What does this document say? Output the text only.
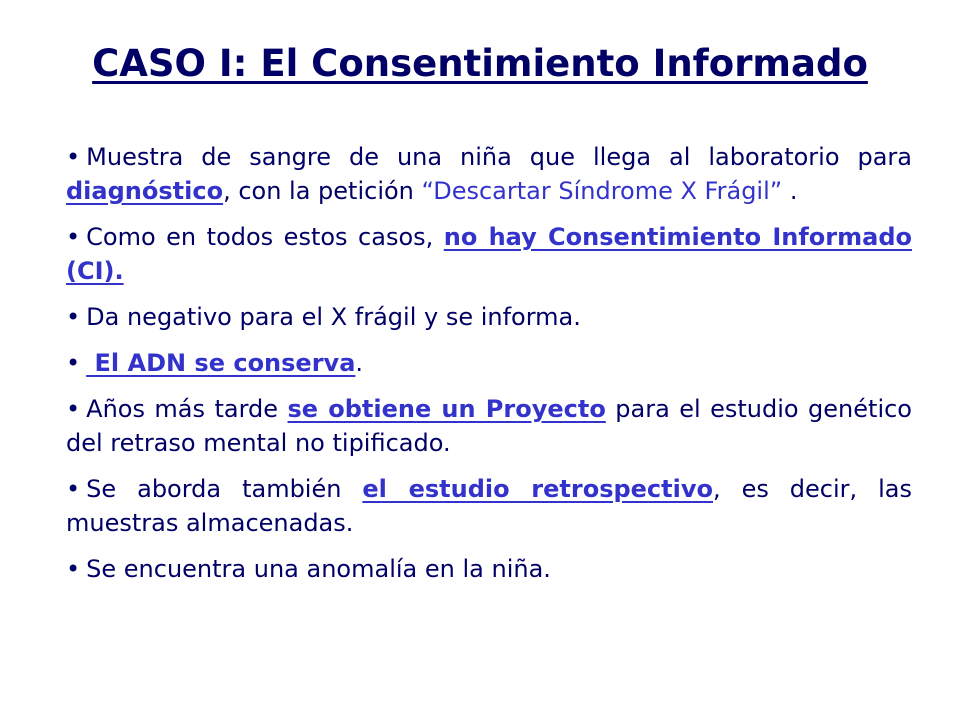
CASO I: El Consentimiento Informado
• Muestra de sangre de una niña que llega al laboratorio para diagnóstico, con la petición “Descartar Síndrome X Frágil” .
• Como en todos estos casos, no hay Consentimiento Informado (CI).
• Da negativo para el X frágil y se informa.
• El ADN se conserva.
• Años más tarde se obtiene un Proyecto para el estudio genético del retraso mental no tipificado.
• Se aborda también el estudio retrospectivo, es decir, las muestras almacenadas.
• Se encuentra una anomalía en la niña.
